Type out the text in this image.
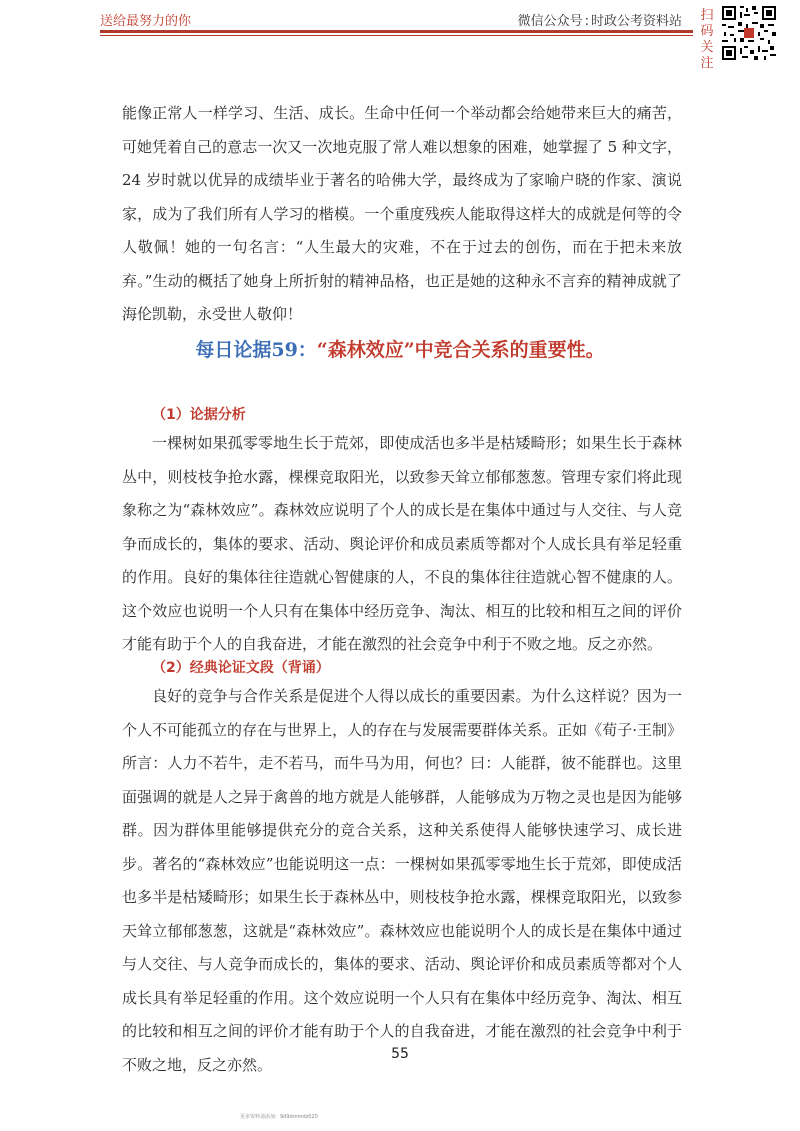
送给最努力的你	微信公众号 : 时政公考资料站 扫码关注

能像正常人一样学习、生活、成长。生命中任何一个举动都会给她带来巨大的痛苦，可她凭着自己的意志一次又一次地克服了常人难以想象的困难，她掌握了 5 种文字，24 岁时就以优异的成绩毕业于著名的哈佛大学，最终成为了家喻户晓的作家、演说家，成为了我们所有人学习的楷模。一个重度残疾人能取得这样大的成就是何等的令人敬佩！她的一句名言：“人生最大的灾难，不在于过去的创伤，而在于把未来放弃。”生动的概括了她身上所折射的精神品格，也正是她的这种永不言弃的精神成就了海伦凯勒，永受世人敬仰！

每日论据59：“森林效应”中竞合关系的重要性。
（1）论据分析

一棵树如果孤零零地生长于荒郊，即使成活也多半是枯矮畸形；如果生长于森林丛中，则枝枝争抢水露，棵棵竞取阳光，以致参天耸立郁郁葱葱。管理专家们将此现象称之为“森林效应”。森林效应说明了个人的成长是在集体中通过与人交往、与人竞争而成长的，集体的要求、活动、舆论评价和成员素质等都对个人成长具有举足轻重的作用。良好的集体往往造就心智健康的人，不良的集体往往造就心智不健康的人。这个效应也说明一个人只有在集体中经历竞争、淘汰、相互的比较和相互之间的评价才能有助于个人的自我奋进，才能在激烈的社会竞争中利于不败之地。反之亦然。

（2）经典论证文段（背诵）

良好的竞争与合作关系是促进个人得以成长的重要因素。为什么这样说？因为一个人不可能孤立的存在与世界上，人的存在与发展需要群体关系。正如《荀子·王制》所言：人力不若牛，走不若马，而牛马为用，何也？曰：人能群，彼不能群也。这里面强调的就是人之异于禽兽的地方就是人能够群，人能够成为万物之灵也是因为能够群。因为群体里能够提供充分的竞合关系，这种关系使得人能够快速学习、成长进步。著名的“森林效应”也能说明这一点：一棵树如果孤零零地生长于荒郊，即使成活也多半是枯矮畸形；如果生长于森林丛中，则枝枝争抢水露，棵棵竞取阳光，以致参天耸立郁郁葱葱，这就是“森林效应”。森林效应也能说明个人的成长是在集体中通过与人交往、与人竞争而成长的，集体的要求、活动、舆论评价和成员素质等都对个人成长具有举足轻重的作用。这个效应说明一个人只有在集体中经历竞争、淘汰、相互的比较和相互之间的评价才能有助于个人的自我奋进，才能在激烈的社会竞争中利于不败之地，反之亦然。

55
更多资料请添加：9d9dmmdz020
